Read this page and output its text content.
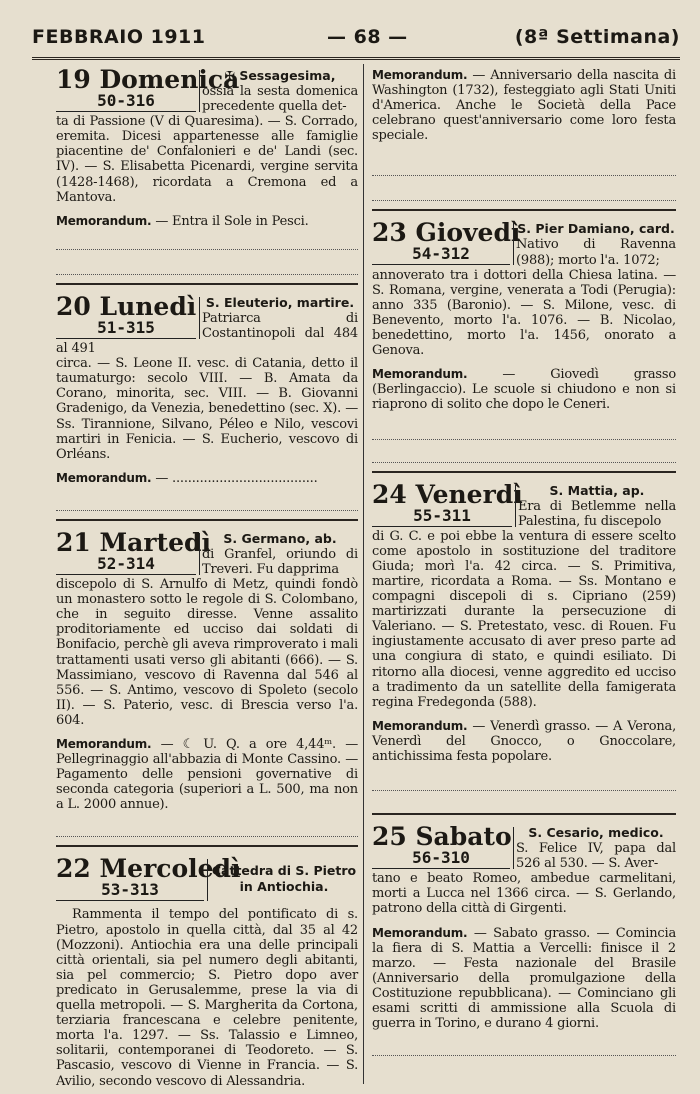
FEBBRAIO 1911	— 68 —	(8ª Settimana)
19 Domenica
50-316
✠ Sessagesima,
ossia la sesta domenica precedente quella det-
ta di Passione (V di Quaresima). — S. Corrado, eremita. Dicesi appartenesse alle famiglie piacentine de' Confalonieri e de' Landi (sec. IV). — S. Elisabetta Picenardi, vergine servita (1428-1468), ricordata a Cremona ed a Mantova.
Memorandum. — Entra il Sole in Pesci.
20 Lunedì
51-315
S. Eleuterio, martire.
Patriarca di Costantinopoli dal 484 al 491
circa. — S. Leone II. vesc. di Catania, detto il taumaturgo: secolo VIII. — B. Amata da Corano, minorita, sec. VIII. — B. Giovanni Gradenigo, da Venezia, benedettino (sec. X). — Ss. Tirannione, Silvano, Péleo e Nilo, vescovi martiri in Fenicia. — S. Eucherio, vescovo di Orléans.
Memorandum. — .....................................
21 Martedì
52-314
S. Germano, ab.
di Granfel, oriundo di Treveri. Fu dapprima
discepolo di S. Arnulfo di Metz, quindi fondò un monastero sotto le regole di S. Colombano, che in seguito diresse. Venne assalito proditoriamente ed ucciso dai soldati di Bonifacio, perchè gli aveva rimproverato i mali trattamenti usati verso gli abitanti (666). — S. Massimiano, vescovo di Ravenna dal 546 al 556. — S. Antimo, vescovo di Spoleto (secolo II). — S. Paterio, vesc. di Brescia verso l'a. 604.
Memorandum. — ☾ U. Q. a ore 4,44ᵐ. — Pellegrinaggio all'abbazia di Monte Cassino. — Pagamento delle pensioni governative di seconda categoria (superiori a L. 500, ma non a L. 2000 annue).
22 Mercoledì
53-313
Cattedra di S. Pietro in Antiochia.
Rammenta il tempo del pontificato di s. Pietro, apostolo in quella città, dal 35 al 42 (Mozzoni). Antiochia era una delle principali città orientali, sia pel numero degli abitanti, sia pel commercio; S. Pietro dopo aver predicato in Gerusalemme, prese la via di quella metropoli. — S. Margherita da Cortona, terziaria francescana e celebre penitente, morta l'a. 1297. — Ss. Talassio e Limneo, solitarii, contemporanei di Teodoreto. — S. Pascasio, vescovo di Vienne in Francia. — S. Avilio, secondo vescovo di Alessandria.
Memorandum. — Anniversario della nascita di Washington (1732), festeggiato agli Stati Uniti d'America. Anche le Società della Pace celebrano quest'anniversario come loro festa speciale.
23 Giovedì
54-312
S. Pier Damiano, card.
Nativo di Ravenna (988); morto l'a. 1072;
annoverato tra i dottori della Chiesa latina. — S. Romana, vergine, venerata a Todi (Perugia): anno 335 (Baronio). — S. Milone, vesc. di Benevento, morto l'a. 1076. — B. Nicolao, benedettino, morto l'a. 1456, onorato a Genova.
Memorandum. — Giovedì grasso (Berlingaccio). Le scuole si chiudono e non si riaprono di solito che dopo le Ceneri.
24 Venerdì
55-311
S. Mattia, ap.
Era di Betlemme nella Palestina, fu discepolo
di G. C. e poi ebbe la ventura di essere scelto come apostolo in sostituzione del traditore Giuda; morì l'a. 42 circa. — S. Primitiva, martire, ricordata a Roma. — Ss. Montano e compagni discepoli di s. Cipriano (259) martirizzati durante la persecuzione di Valeriano. — S. Pretestato, vesc. di Rouen. Fu ingiustamente accusato di aver preso parte ad una congiura di stato, e quindi esiliato. Di ritorno alla diocesi, venne aggredito ed ucciso a tradimento da un satellite della famigerata regina Fredegonda (588).
Memorandum. — Venerdì grasso. — A Verona, Venerdì del Gnocco, o Gnoccolare, antichissima festa popolare.
25 Sabato
56-310
S. Cesario, medico.
S. Felice IV, papa dal 526 al 530. — S. Aver-
tano e beato Romeo, ambedue carmelitani, morti a Lucca nel 1366 circa. — S. Gerlando, patrono della città di Girgenti.
Memorandum. — Sabato grasso. — Comincia la fiera di S. Mattia a Vercelli: finisce il 2 marzo. — Festa nazionale del Brasile (Anniversario della promulgazione della Costituzione repubblicana). — Cominciano gli esami scritti di ammissione alla Scuola di guerra in Torino, e durano 4 giorni.
